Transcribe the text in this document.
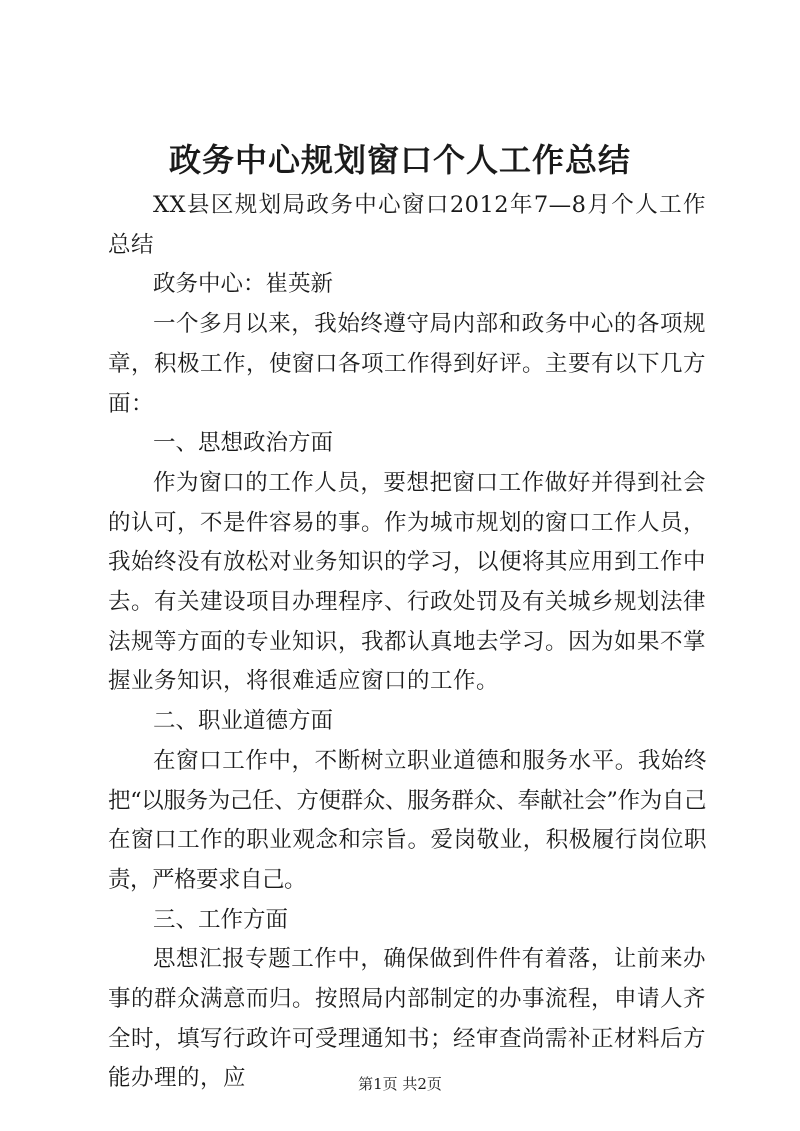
政务中心规划窗口个人工作总结

XX县区规划局政务中心窗口2012年7—8月个人工作总结

政务中心：崔英新

一个多月以来，我始终遵守局内部和政务中心的各项规章，积极工作，使窗口各项工作得到好评。主要有以下几方面：

一、思想政治方面

作为窗口的工作人员，要想把窗口工作做好并得到社会的认可，不是件容易的事。作为城市规划的窗口工作人员，我始终没有放松对业务知识的学习，以便将其应用到工作中去。有关建设项目办理程序、行政处罚及有关城乡规划法律法规等方面的专业知识，我都认真地去学习。因为如果不掌握业务知识，将很难适应窗口的工作。

二、职业道德方面

在窗口工作中，不断树立职业道德和服务水平。我始终把“以服务为己任、方便群众、服务群众、奉献社会”作为自己在窗口工作的职业观念和宗旨。爱岗敬业，积极履行岗位职责，严格要求自己。

三、工作方面

思想汇报专题工作中，确保做到件件有着落，让前来办事的群众满意而归。按照局内部制定的办事流程，申请人齐全时，填写行政许可受理通知书；经审查尚需补正材料后方能办理的，应	第1页 共2页
